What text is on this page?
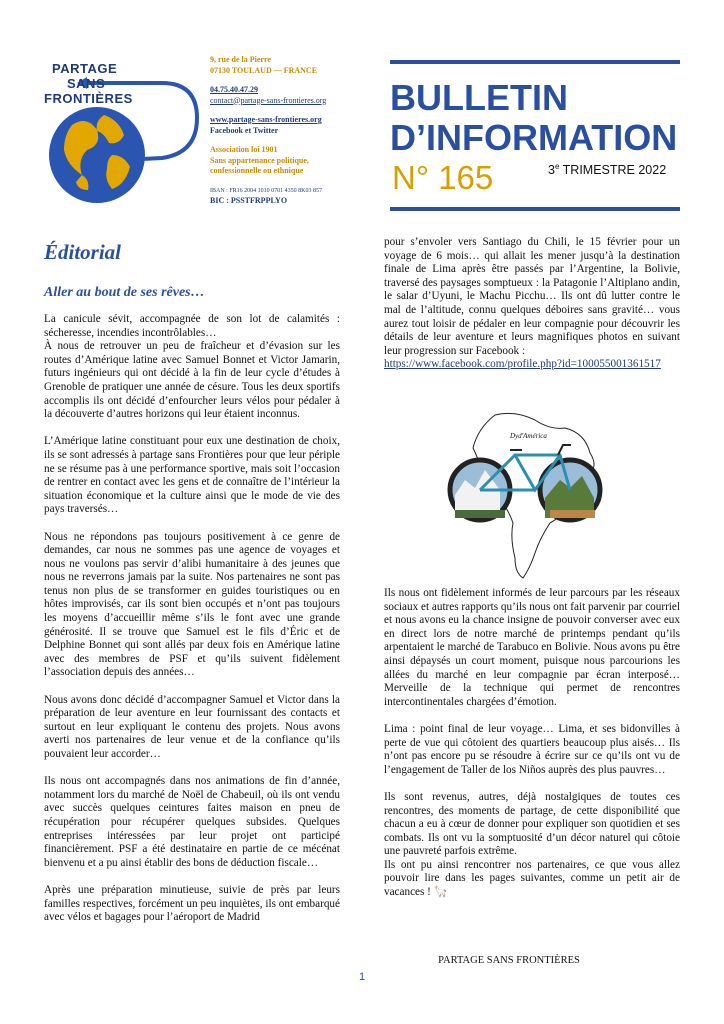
PARTAGE
SANS
FRONTIÈRES
9, rue de la Pierre
07130 TOULAUD — FRANCE
04.75.40.47.29
contact@partage-sans-frontieres.org
www.partage-sans-frontieres.org
Facebook et Twitter
Association loi 1901
Sans appartenance politique,
confessionnelle ou ethnique
IBAN : FR16 2004 1010 0701 4350 8K03 857
BIC : PSSTFRPPLYO
BULLETIN
D’INFORMATION
N° 165	3e TRIMESTRE 2022
Éditorial
Aller au bout de ses rêves…

La canicule sévit, accompagnée de son lot de calamités : sécheresse, incendies incontrôlables…

À nous de retrouver un peu de fraîcheur et d’évasion sur les routes d’Amérique latine avec Samuel Bonnet et Victor Jamarin, futurs ingénieurs qui ont décidé à la fin de leur cycle d’études à Grenoble de pratiquer une année de césure. Tous les deux sportifs accomplis ils ont décidé d’enfourcher leurs vélos pour pédaler à la découverte d’autres horizons qui leur étaient inconnus.

L’Amérique latine constituant pour eux une destination de choix, ils se sont adressés à partage sans Frontières pour que leur périple ne se résume pas à une performance sportive, mais soit l’occasion de rentrer en contact avec les gens et de connaître de l’intérieur la situation économique et la culture ainsi que le mode de vie des pays traversés…

Nous ne répondons pas toujours positivement à ce genre de demandes, car nous ne sommes pas une agence de voyages et nous ne voulons pas servir d’alibi humanitaire à des jeunes que nous ne reverrons jamais par la suite. Nos partenaires ne sont pas tenus non plus de se transformer en guides touristiques ou en hôtes improvisés, car ils sont bien occupés et n’ont pas toujours les moyens d’accueillir même s’ils le font avec une grande générosité. Il se trouve que Samuel est le fils d’Éric et de Delphine Bonnet qui sont allés par deux fois en Amérique latine avec des membres de PSF et qu’ils suivent fidèlement l’association depuis des années…

Nous avons donc décidé d’accompagner Samuel et Victor dans la préparation de leur aventure en leur fournissant des contacts et surtout en leur expliquant le contenu des projets. Nous avons averti nos partenaires de leur venue et de la confiance qu’ils pouvaient leur accorder…

Ils nous ont accompagnés dans nos animations de fin d’année, notamment lors du marché de Noël de Chabeuil, où ils ont vendu avec succès quelques ceintures faites maison en pneu de récupération pour récupérer quelques subsides. Quelques entreprises intéressées par leur projet ont participé financièrement. PSF a été destinataire en partie de ce mécénat bienvenu et a pu ainsi établir des bons de déduction fiscale…

Après une préparation minutieuse, suivie de près par leurs familles respectives, forcément un peu inquiètes, ils ont embarqué avec vélos et bagages pour l’aéroport de Madrid

pour s’envoler vers Santiago du Chili, le 15 février pour un voyage de 6 mois… qui allait les mener jusqu’à la destination finale de Lima après être passés par l’Argentine, la Bolivie, traversé des paysages somptueux : la Patagonie l’Altiplano andin, le salar d’Uyuni, le Machu Picchu… Ils ont dû lutter contre le mal de l’altitude, connu quelques déboires sans gravité… vous aurez tout loisir de pédaler en leur compagnie pour découvrir les détails de leur aventure et leurs magnifiques photos en suivant leur progression sur Facebook :

https://www.facebook.com/profile.php?id=100055001361517
Dyd'América

Ils nous ont fidèlement informés de leur parcours par les réseaux sociaux et autres rapports qu’ils nous ont fait parvenir par courriel et nous avons eu la chance insigne de pouvoir converser avec eux en direct lors de notre marché de printemps pendant qu’ils arpentaient le marché de Tarabuco en Bolivie. Nous avons pu être ainsi dépaysés un court moment, puisque nous parcourions les allées du marché en leur compagnie par écran interposé… Merveille de la technique qui permet de rencontres intercontinentales chargées d’émotion.

Lima : point final de leur voyage… Lima, et ses bidonvilles à perte de vue qui côtoient des quartiers beaucoup plus aisés… Ils n’ont pas encore pu se résoudre à écrire sur ce qu’ils ont vu de l’engagement de Taller de los Niños auprès des plus pauvres…

Ils sont revenus, autres, déjà nostalgiques de toutes ces rencontres, des moments de partage, de cette disponibilité que chacun a eu à cœur de donner pour expliquer son quotidien et ses combats. Ils ont vu la somptuosité d’un décor naturel qui côtoie une pauvreté parfois extrême.

Ils ont pu ainsi rencontrer nos partenaires, ce que vous allez pouvoir lire dans les pages suivantes, comme un petit air de vacances ! 🦙

PARTAGE SANS FRONTIÈRES
1
